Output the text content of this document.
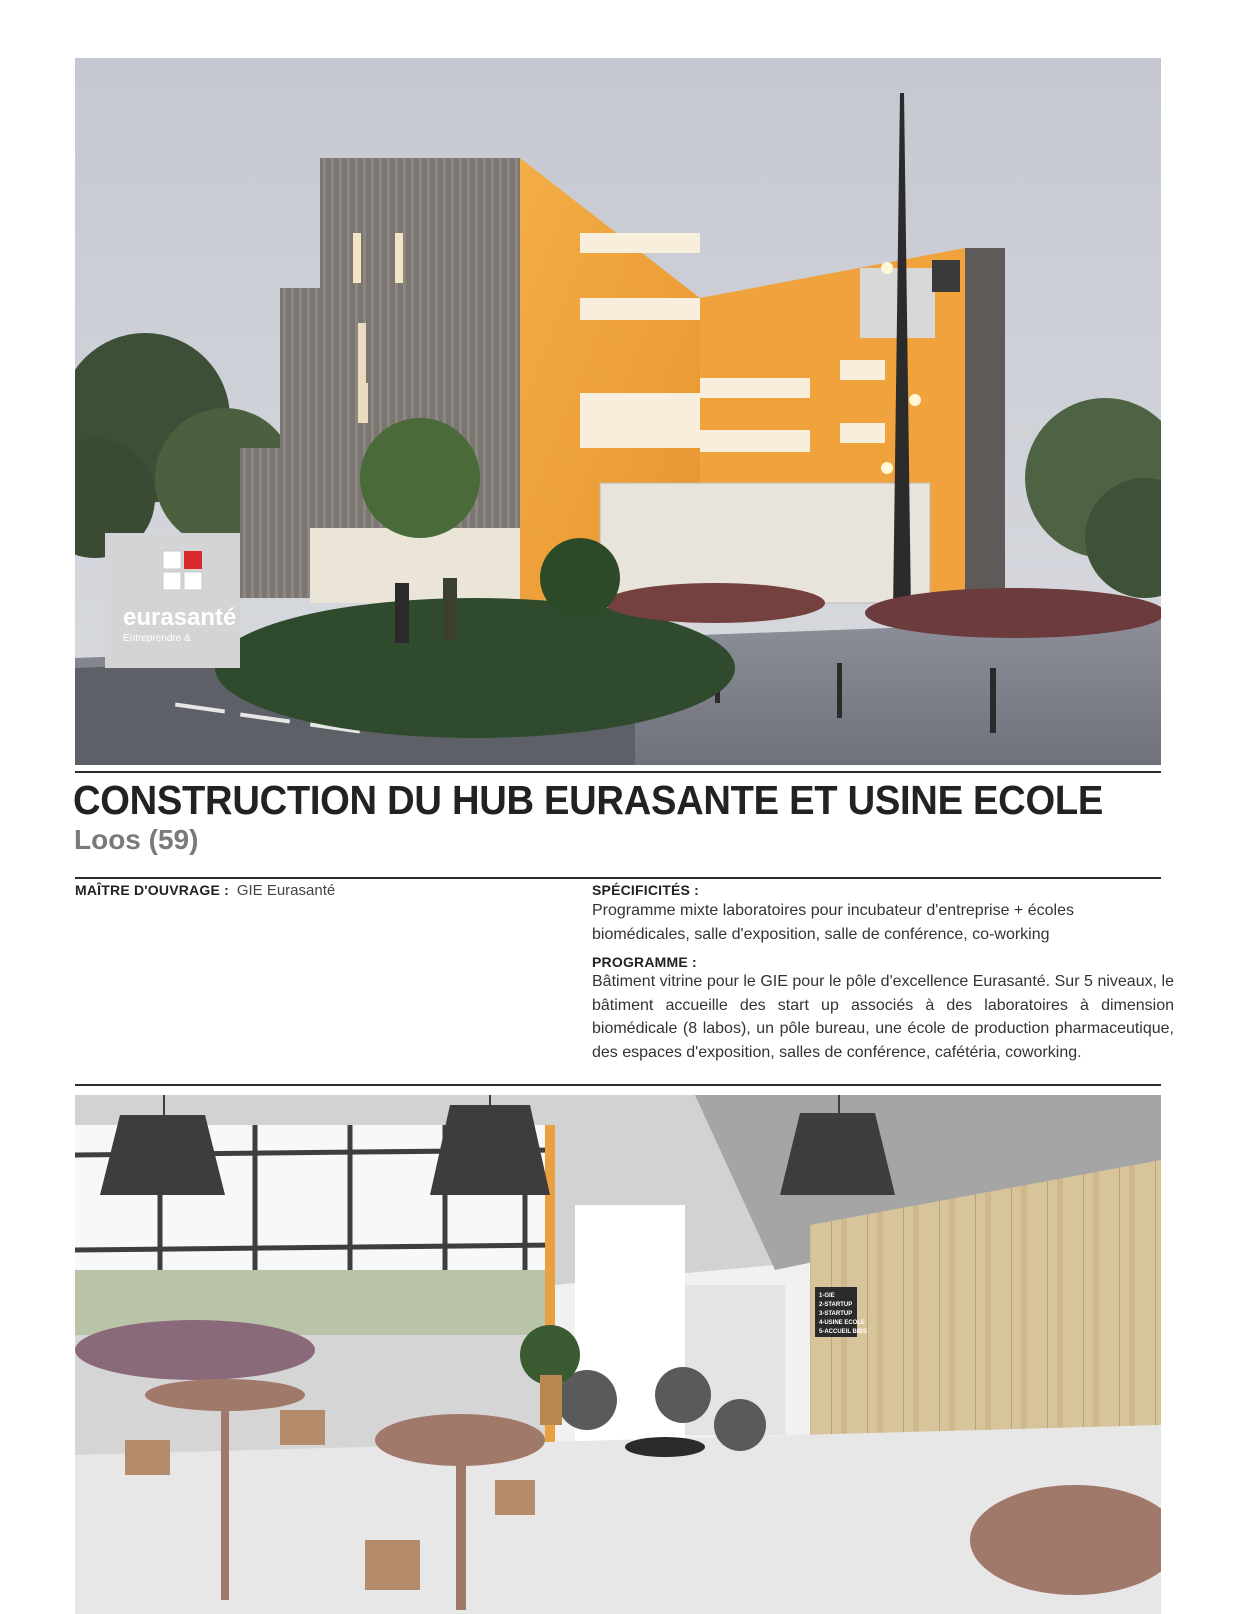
eurasanté
Entreprendre &
CONSTRUCTION DU HUB EURASANTE ET USINE ECOLE
Loos (59)
MAÎTRE D'OUVRAGE : GIE Eurasanté	SPÉCIFICITÉS :
Programme mixte laboratoires pour incubateur d'entreprise + écoles biomédicales, salle d'exposition, salle de conférence, co-working
PROGRAMME :
Bâtiment vitrine pour le GIE pour le pôle d'excellence Eurasanté. Sur 5 niveaux, le bâtiment accueille des start up associés à des laboratoires à dimension biomédicale (8 labos), un pôle bureau, une école de production pharmaceutique, des espaces d'exposition, salles de conférence, cafétéria, coworking.
1-GIE
2-STARTUP
3-STARTUP
4-USINE ECOLE
5-ACCUEIL BIBS
